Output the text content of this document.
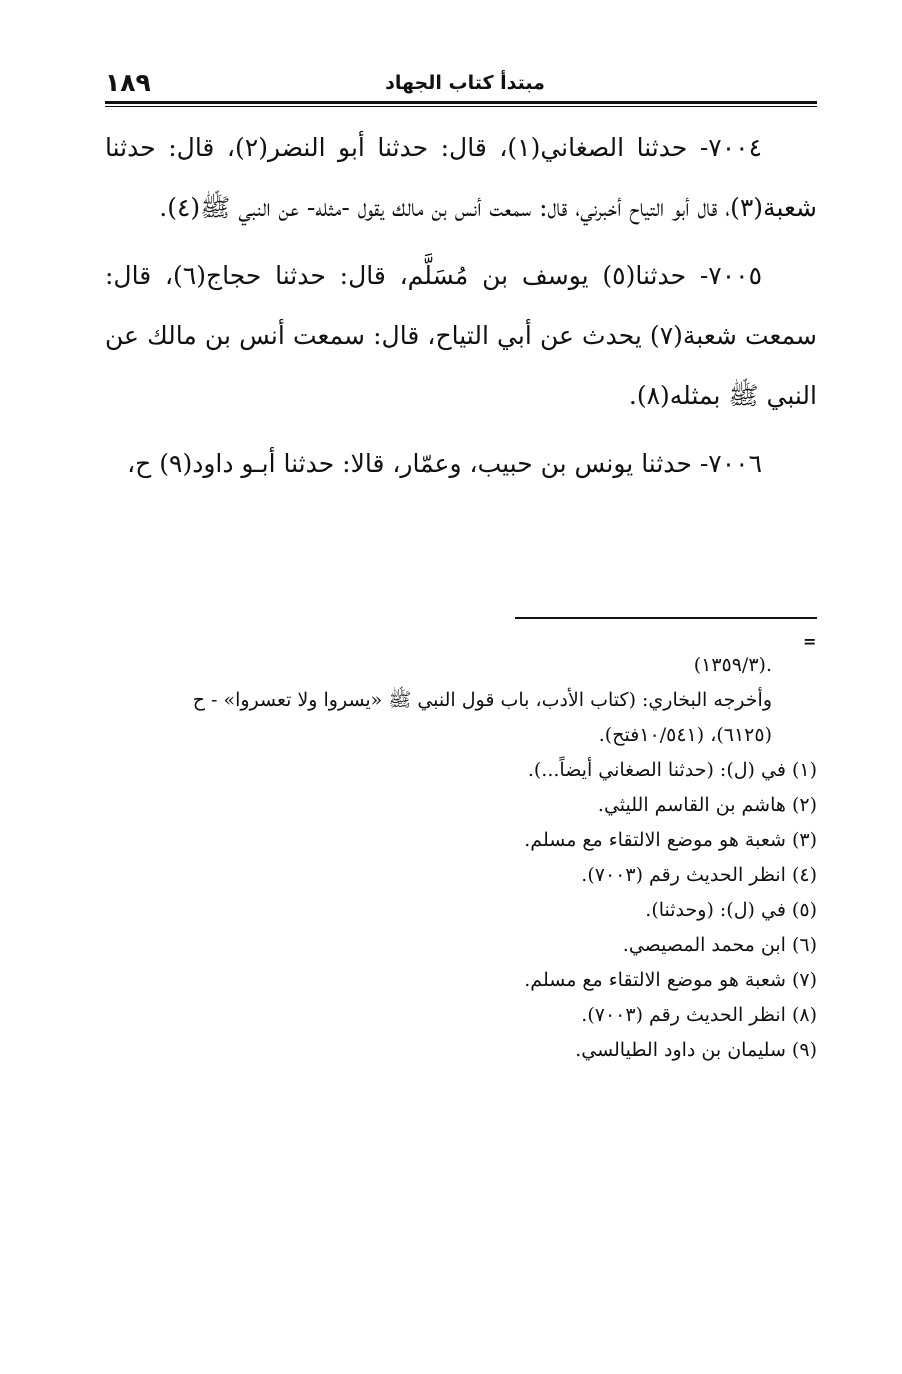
١٨٩	مبتدأ كتاب الجهاد

٧٠٠٤- حدثنا الصغاني(١)، قال: حدثنا أبو النضر(٢)، قال: حدثنا شعبة(٣)، قال أبو التياح أخبرني، قال: سمعت أنس بن مالك يقول -مثله- عن النبي ﷺ(٤).

٧٠٠٥- حدثنا(٥) يوسف بن مُسَلَّم، قال: حدثنا حجاج(٦)، قال: سمعت شعبة(٧) يحدث عن أبي التياح، قال: سمعت أنس بن مالك عن النبي ﷺ بمثله(٨).

٧٠٠٦- حدثنا يونس بن حبيب، وعمّار، قالا: حدثنا أبـو داود(٩) ح،

=

.(١٣٥٩/٣)

وأخرجه البخاري: (كتاب الأدب، باب قول النبي ﷺ «يسروا ولا تعسروا» - ح

(٦١٢٥)، (١٠/٥٤١فتح).

(١) في (ل): (حدثنا الصغاني أيضاً...).

(٢) هاشم بن القاسم الليثي.

(٣) شعبة هو موضع الالتقاء مع مسلم.

(٤) انظر الحديث رقم (٧٠٠٣).

(٥) في (ل): (وحدثنا).

(٦) ابن محمد المصيصي.

(٧) شعبة هو موضع الالتقاء مع مسلم.

(٨) انظر الحديث رقم (٧٠٠٣).

(٩) سليمان بن داود الطيالسي.
